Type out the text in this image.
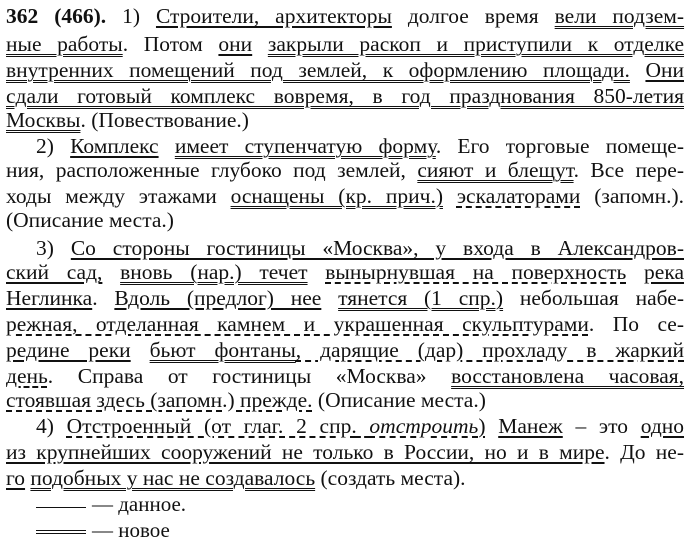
362 (466). 1) Строители, архитекторы долгое время вели подзем-
ные работы. Потом они закрыли раскоп и приступили к отделке
внутренних помещений под землей, к оформлению площади. Они
сдали готовый комплекс вовремя, в год празднования 850-летия
Москвы. (Повествование.)
2) Комплекс имеет ступенчатую форму. Его торговые помеще-
ния, расположенные глубоко под землей, сияют и блещут. Все пере-
ходы между этажами оснащены (кр. прич.) эскалаторами (запомн.).
(Описание места.)
3) Со стороны гостиницы «Москва», у входа в Александров-
ский сад, вновь (нар.) течет вынырнувшая на поверхность река
Неглинка. Вдоль (предлог) нее тянется (1 спр.) небольшая набе-
режная, отделанная камнем и украшенная скульптурами. По се-
редине реки бьют фонтаны, дарящие (дар) прохладу в жаркий
день. Справа от гостиницы «Москва» восстановлена часовая,
стоявшая здесь (запомн.) прежде. (Описание места.)
4) Отстроенный (от глаг. 2 спр. отстроить) Манеж – это одно
из крупнейших сооружений не только в России, но и в мире. До не-
го подобных у нас не создавалось (создать места).
— данное.
— новое
